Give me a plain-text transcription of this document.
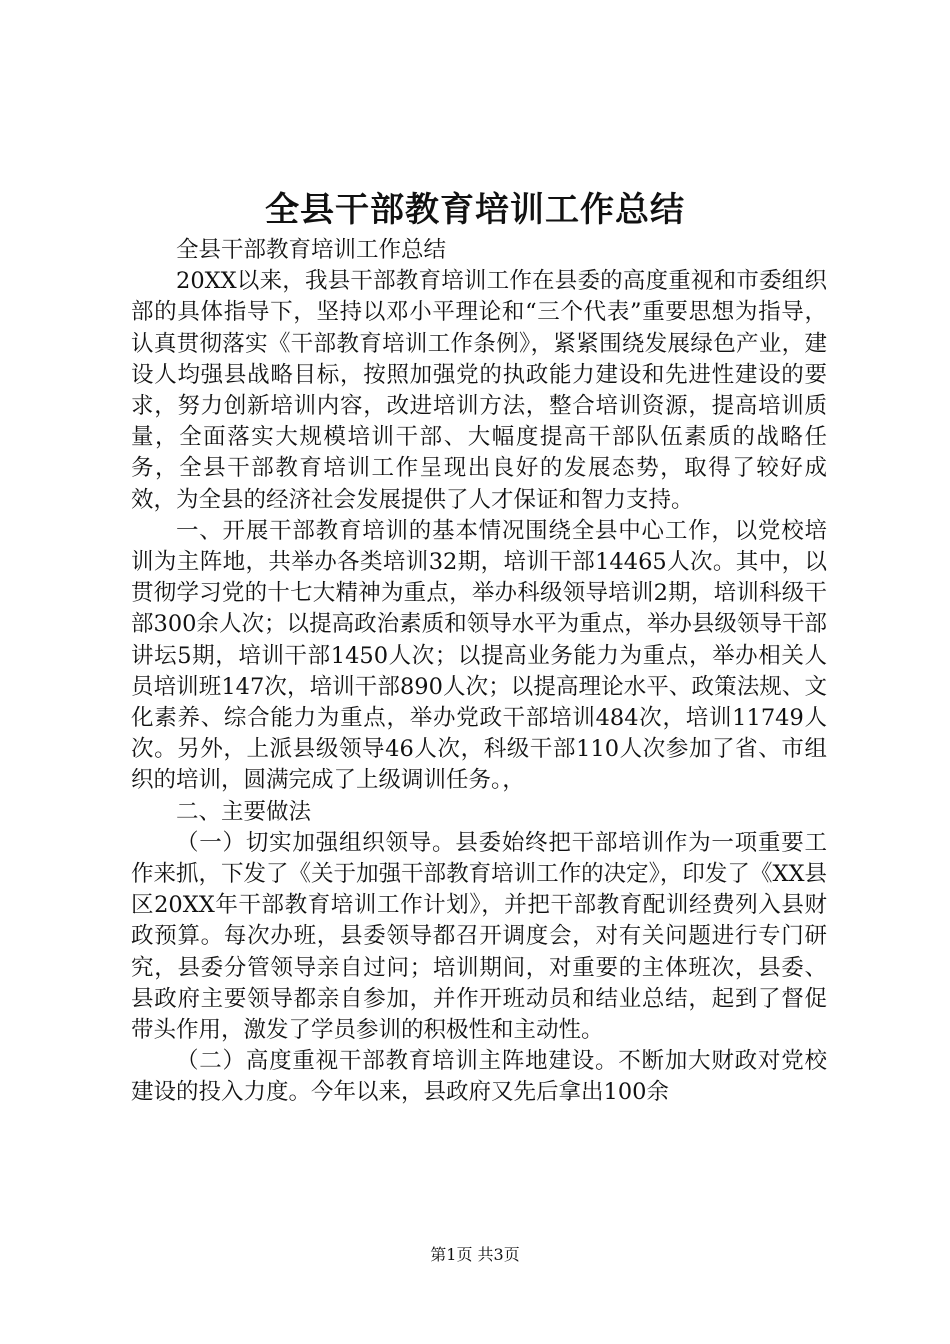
全县干部教育培训工作总结

全县干部教育培训工作总结

20XX以来，我县干部教育培训工作在县委的高度重视和市委组织部的具体指导下，坚持以邓小平理论和“三个代表”重要思想为指导，认真贯彻落实《干部教育培训工作条例》，紧紧围绕发展绿色产业，建设人均强县战略目标，按照加强党的执政能力建设和先进性建设的要求，努力创新培训内容，改进培训方法，整合培训资源，提高培训质量，全面落实大规模培训干部、大幅度提高干部队伍素质的战略任务，全县干部教育培训工作呈现出良好的发展态势，取得了较好成效，为全县的经济社会发展提供了人才保证和智力支持。

一、开展干部教育培训的基本情况围绕全县中心工作，以党校培训为主阵地，共举办各类培训32期，培训干部14465人次。其中，以贯彻学习党的十七大精神为重点，举办科级领导培训2期，培训科级干部300余人次；以提高政治素质和领导水平为重点，举办县级领导干部讲坛5期，培训干部1450人次；以提高业务能力为重点，举办相关人员培训班147次，培训干部890人次；以提高理论水平、政策法规、文化素养、综合能力为重点，举办党政干部培训484次，培训11749人次。另外，上派县级领导46人次，科级干部110人次参加了省、市组织的培训，圆满完成了上级调训任务。，

二、主要做法

（一）切实加强组织领导。县委始终把干部培训作为一项重要工作来抓，下发了《关于加强干部教育培训工作的决定》，印发了《XX县区20XX年干部教育培训工作计划》，并把干部教育配训经费列入县财政预算。每次办班，县委领导都召开调度会，对有关问题进行专门研究，县委分管领导亲自过问；培训期间，对重要的主体班次，县委、县政府主要领导都亲自参加，并作开班动员和结业总结，起到了督促带头作用，激发了学员参训的积极性和主动性。

（二）高度重视干部教育培训主阵地建设。不断加大财政对党校建设的投入力度。今年以来，县政府又先后拿出100余

第1页 共3页
